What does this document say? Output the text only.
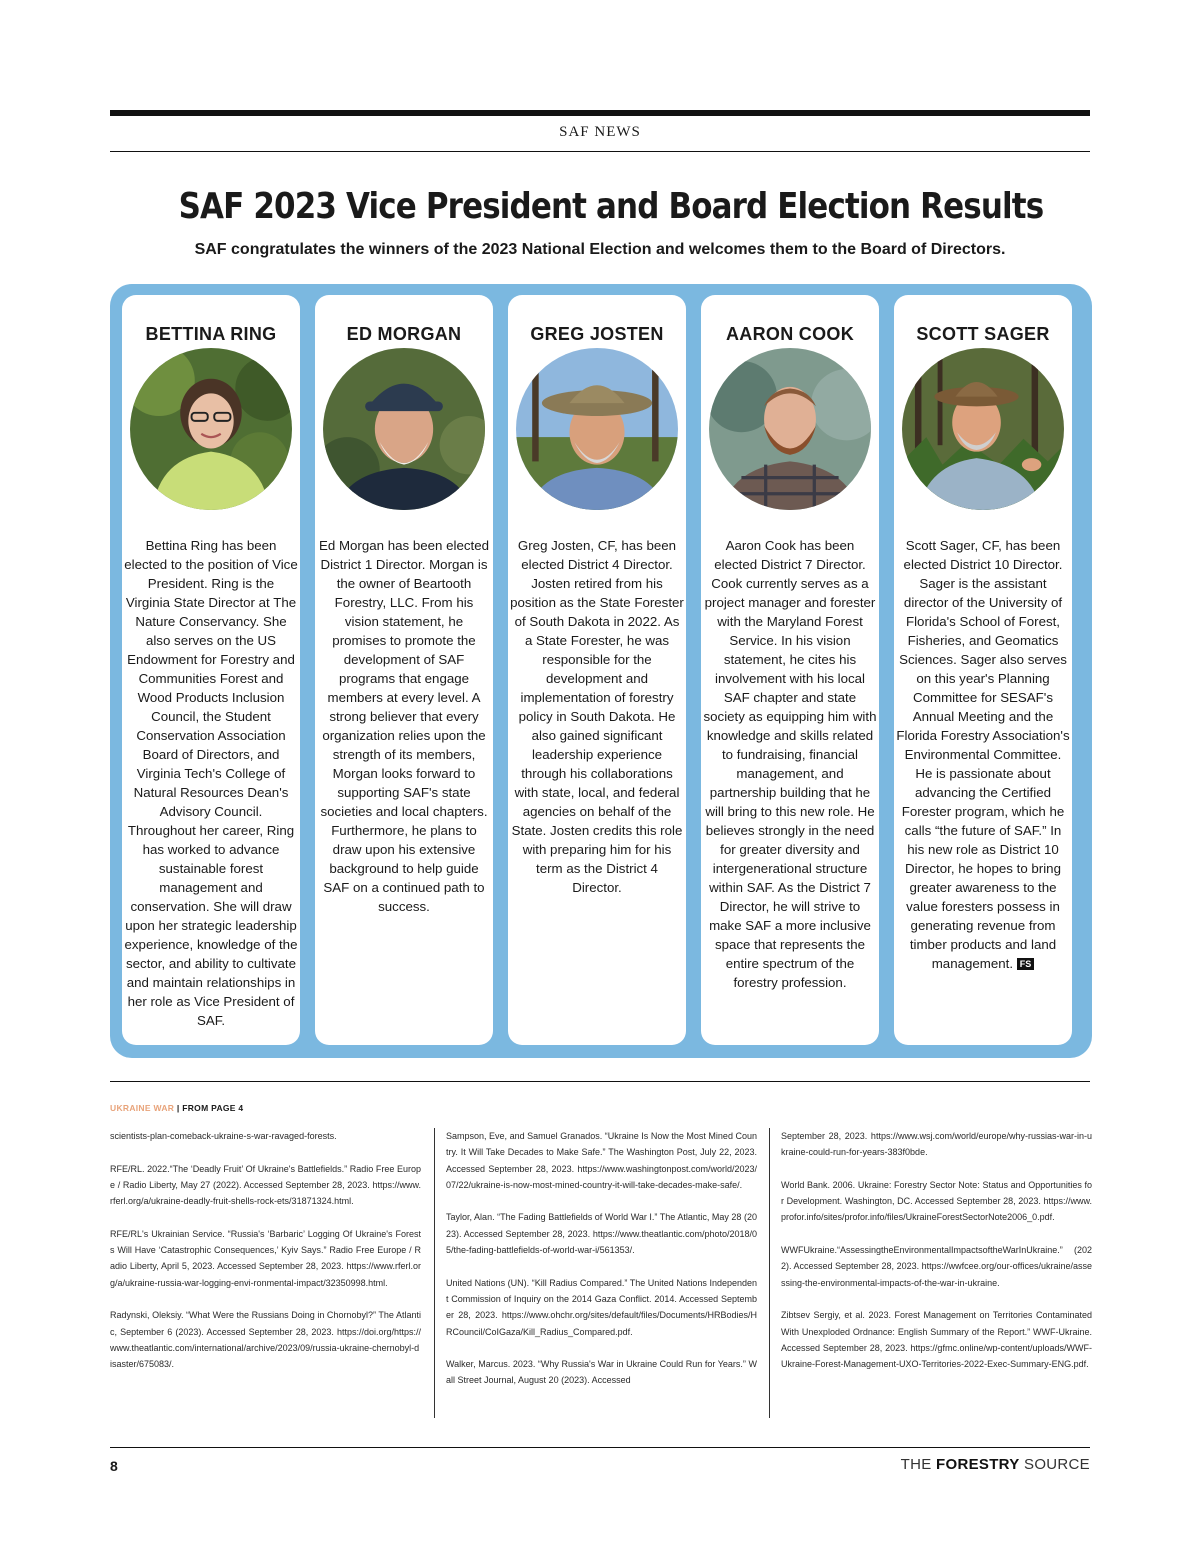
SAF NEWS
SAF 2023 Vice President and Board Election Results
SAF congratulates the winners of the 2023 National Election and welcomes them to the Board of Directors.
BETTINA RING
Bettina Ring has been elected to the position of Vice President. Ring is the Virginia State Director at The Nature Conservancy. She also serves on the US Endowment for Forestry and Communities Forest and Wood Products Inclusion Council, the Student Conservation Association Board of Directors, and Virginia Tech's College of Natural Resources Dean's Advisory Council. Throughout her career, Ring has worked to advance sustainable forest management and conservation. She will draw upon her strategic leadership experience, knowledge of the sector, and ability to cultivate and maintain relationships in her role as Vice President of SAF.
ED MORGAN
Ed Morgan has been elected District 1 Director. Morgan is the owner of Beartooth Forestry, LLC. From his vision statement, he promises to promote the development of SAF programs that engage members at every level. A strong believer that every organization relies upon the strength of its members, Morgan looks forward to supporting SAF's state societies and local chapters. Furthermore, he plans to draw upon his extensive background to help guide SAF on a continued path to success.
GREG JOSTEN
Greg Josten, CF, has been elected District 4 Director. Josten retired from his position as the State Forester of South Dakota in 2022. As a State Forester, he was responsible for the development and implementation of forestry policy in South Dakota. He also gained significant leadership experience through his collaborations with state, local, and federal agencies on behalf of the State. Josten credits this role with preparing him for his term as the District 4 Director.
AARON COOK
Aaron Cook has been elected District 7 Director. Cook currently serves as a project manager and forester with the Maryland Forest Service. In his vision statement, he cites his involvement with his local SAF chapter and state society as equipping him with knowledge and skills related to fundraising, financial management, and partnership building that he will bring to this new role. He believes strongly in the need for greater diversity and intergenerational structure within SAF. As the District 7 Director, he will strive to make SAF a more inclusive space that represents the entire spectrum of the forestry profession.
SCOTT SAGER
Scott Sager, CF, has been elected District 10 Director. Sager is the assistant director of the University of Florida's School of Forest, Fisheries, and Geomatics Sciences. Sager also serves on this year's Planning Committee for SESAF's Annual Meeting and the Florida Forestry Association's Environmental Committee. He is passionate about advancing the Certified Forester program, which he calls “the future of SAF.” In his new role as District 10 Director, he hopes to bring greater awareness to the value foresters possess in generating revenue from timber products and land management. FS
UKRAINE WAR | FROM PAGE 4

scientists-plan-comeback-ukraine-s-war-ravaged-forests.

RFE/RL. 2022.“The ‘Deadly Fruit’ Of Ukraine's Battlefields.” Radio Free Europe / Radio Liberty, May 27 (2022). Accessed September 28, 2023. https://www.rferl.org/a/ukraine-deadly-fruit-shells-rock-ets/31871324.html.

RFE/RL's Ukrainian Service. “Russia's ‘Barbaric’ Logging Of Ukraine's Forests Will Have ‘Catastrophic Consequences,’ Kyiv Says.” Radio Free Europe / Radio Liberty, April 5, 2023. Accessed September 28, 2023. https://www.rferl.org/a/ukraine-russia-war-logging-envi-ronmental-impact/32350998.html.

Radynski, Oleksiy. “What Were the Russians Doing in Chornobyl?” The Atlantic, September 6 (2023). Accessed September 28, 2023. https://doi.org/https://www.theatlantic.com/international/archive/2023/09/russia-ukraine-chernobyl-disaster/675083/.

Sampson, Eve, and Samuel Granados. “Ukraine Is Now the Most Mined Country. It Will Take Decades to Make Safe.” The Washington Post, July 22, 2023. Accessed September 28, 2023. https://www.washingtonpost.com/world/2023/07/22/ukraine-is-now-most-mined-country-it-will-take-decades-make-safe/.

Taylor, Alan. “The Fading Battlefields of World War I.” The Atlantic, May 28 (2023). Accessed September 28, 2023. https://www.theatlantic.com/photo/2018/05/the-fading-battlefields-of-world-war-i/561353/.

United Nations (UN). “Kill Radius Compared.” The United Nations Independent Commission of Inquiry on the 2014 Gaza Conflict. 2014. Accessed September 28, 2023. https://www.ohchr.org/sites/default/files/Documents/HRBodies/HRCouncil/CoIGaza/Kill_Radius_Compared.pdf.

Walker, Marcus. 2023. “Why Russia's War in Ukraine Could Run for Years.” Wall Street Journal, August 20 (2023). Accessed

September 28, 2023. https://www.wsj.com/world/europe/why-russias-war-in-ukraine-could-run-for-years-383f0bde.

World Bank. 2006. Ukraine: Forestry Sector Note: Status and Opportunities for Development. Washington, DC. Accessed September 28, 2023. https://www.profor.info/sites/profor.info/files/UkraineForestSectorNote2006_0.pdf.

WWFUkraine.“AssessingtheEnvironmentalImpactsoftheWarInUkraine.” (2022). Accessed September 28, 2023. https://wwfcee.org/our-offices/ukraine/assessing-the-environmental-impacts-of-the-war-in-ukraine.

Zibtsev Sergiy, et al. 2023. Forest Management on Territories Contaminated With Unexploded Ordnance: English Summary of the Report.” WWF-Ukraine. Accessed September 28, 2023. https://gfmc.online/wp-content/uploads/WWF-Ukraine-Forest-Management-UXO-Territories-2022-Exec-Summary-ENG.pdf.

8	THE FORESTRY SOURCE
